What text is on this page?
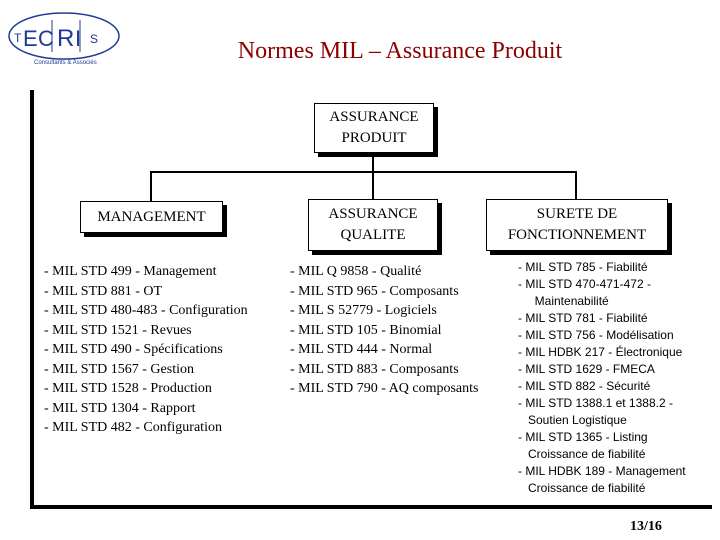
T E C R I S
Consultants & Associés	Normes MIL – Assurance Produit
ASSURANCE
PRODUIT
MANAGEMENT	ASSURANCE
QUALITE
SURETE DE
FONCTIONNEMENT
- MIL STD 499 - Management
- MIL STD 881 - OT
- MIL STD 480-483 - Configuration
- MIL STD 1521 - Revues
- MIL STD 490 - Spécifications
- MIL STD 1567 - Gestion
- MIL STD 1528 - Production
- MIL STD 1304 - Rapport
- MIL STD 482 - Configuration
- MIL Q 9858 - Qualité
- MIL STD 965 - Composants
- MIL S 52779 - Logiciels
- MIL STD 105 - Binomial
- MIL STD 444 - Normal
- MIL STD 883 - Composants
- MIL STD 790 - AQ composants
- MIL STD 785 - Fiabilité
- MIL STD 470-471-472 -
Maintenabilité
- MIL STD 781 - Fiabilité
- MIL STD 756 - Modélisation
- MIL HDBK 217 - Électronique
- MIL STD 1629 - FMECA
- MIL STD 882 - Sécurité
- MIL STD 1388.1 et 1388.2 -
Soutien Logistique
- MIL STD 1365 - Listing
Croissance de fiabilité
- MIL HDBK 189 - Management
Croissance de fiabilité
13/16
